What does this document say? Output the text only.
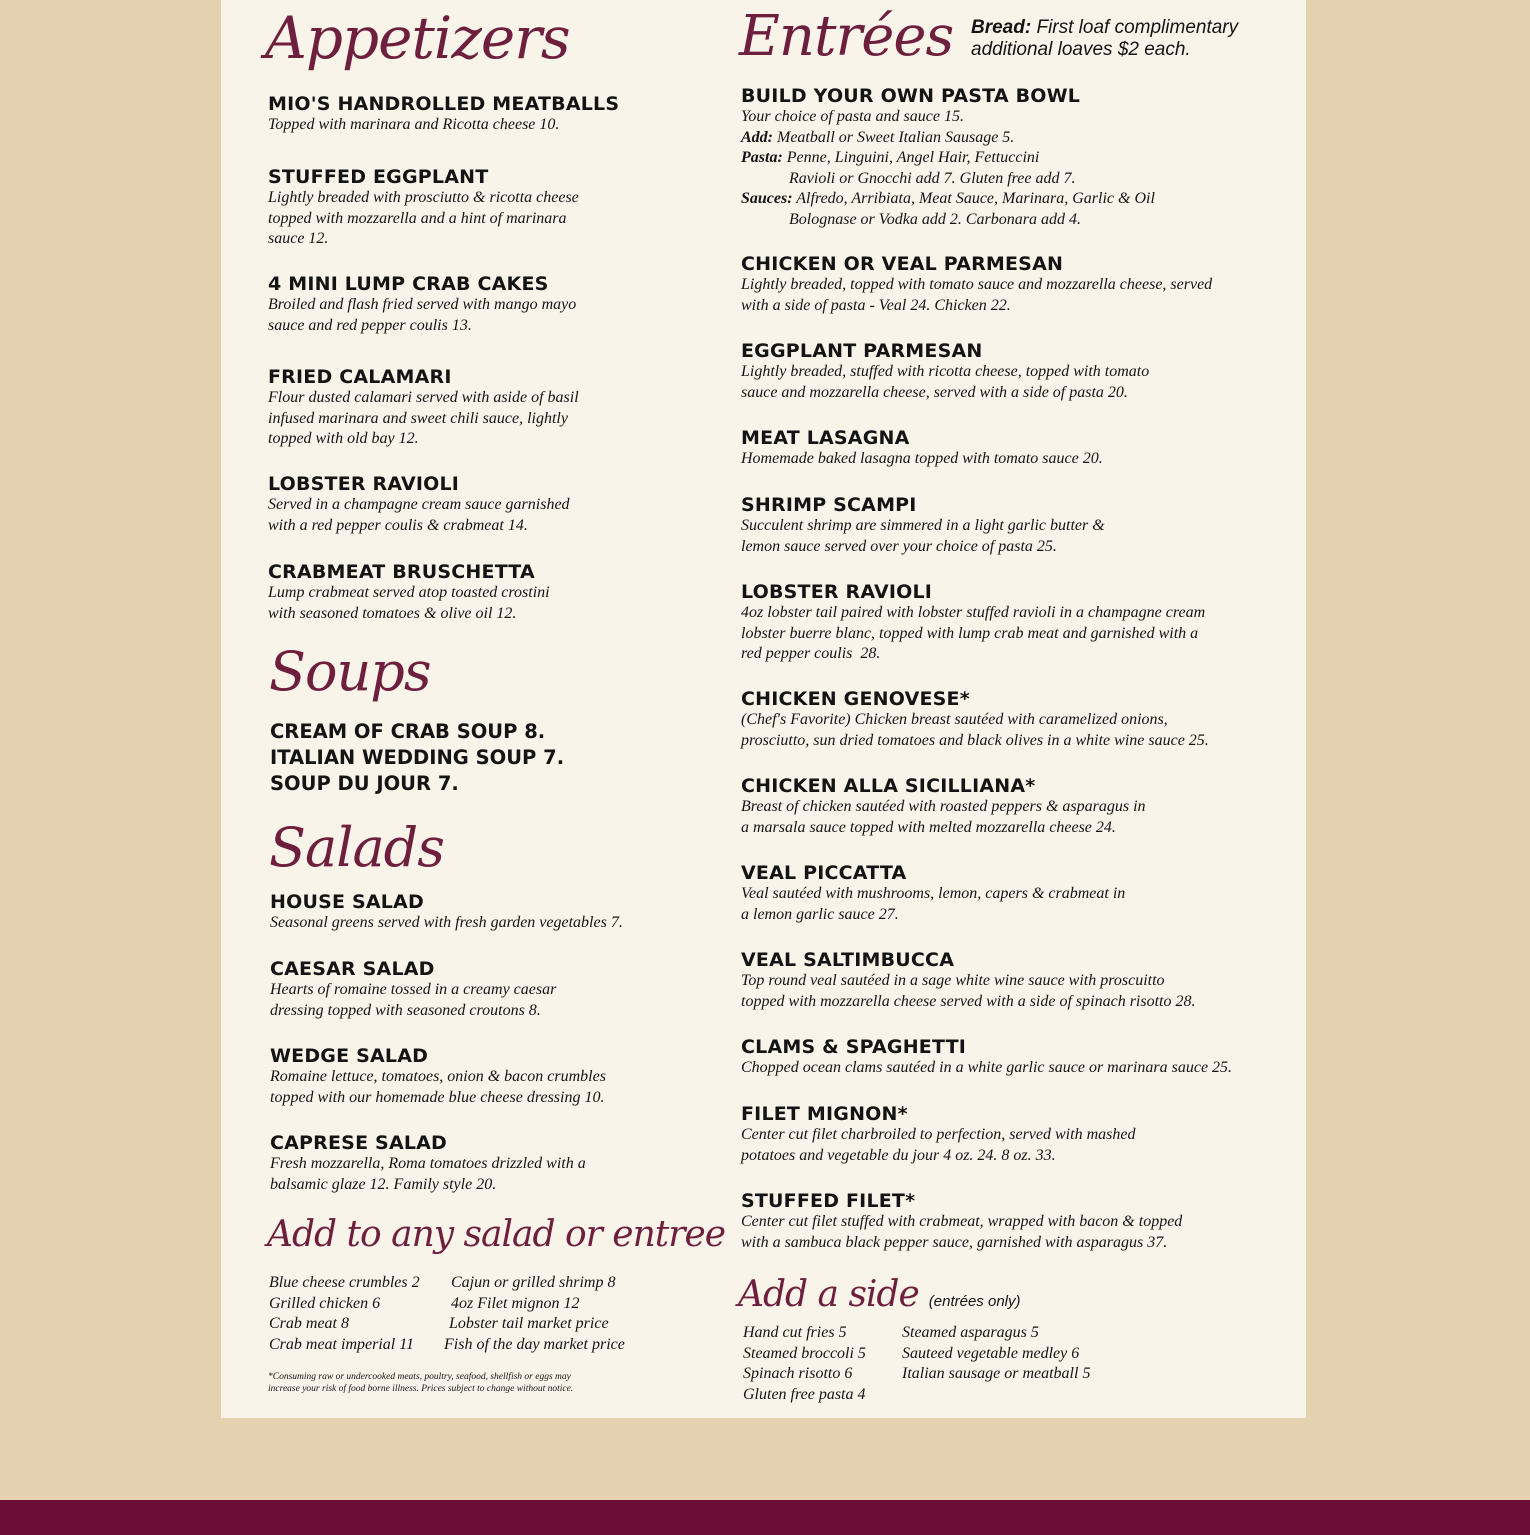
Appetizers
MIO'S HANDROLLED MEATBALLS
Topped with marinara and Ricotta cheese 10.
STUFFED EGGPLANT
Lightly breaded with prosciutto & ricotta cheese
topped with mozzarella and a hint of marinara
sauce 12.
4 MINI LUMP CRAB CAKES
Broiled and flash fried served with mango mayo
sauce and red pepper coulis 13.
FRIED CALAMARI
Flour dusted calamari served with aside of basil
infused marinara and sweet chili sauce, lightly
topped with old bay 12.
LOBSTER RAVIOLI
Served in a champagne cream sauce garnished
with a red pepper coulis & crabmeat 14.
CRABMEAT BRUSCHETTA
Lump crabmeat served atop toasted crostini
with seasoned tomatoes & olive oil 12.
Soups
CREAM OF CRAB SOUP 8.
ITALIAN WEDDING SOUP 7.
SOUP DU JOUR 7.
Salads
HOUSE SALAD
Seasonal greens served with fresh garden vegetables 7.
CAESAR SALAD
Hearts of romaine tossed in a creamy caesar
dressing topped with seasoned croutons 8.
WEDGE SALAD
Romaine lettuce, tomatoes, onion & bacon crumbles
topped with our homemade blue cheese dressing 10.
CAPRESE SALAD
Fresh mozzarella, Roma tomatoes drizzled with a
balsamic glaze 12. Family style 20.
Add to any salad or entree
Blue cheese crumbles 2
Grilled chicken 6
Crab meat 8
Crab meat imperial 11
Cajun or grilled shrimp 8
4oz Filet mignon 12
Lobster tail market price
Fish of the day market price
*Consuming raw or undercooked meats, poultry, seafood, shellfish or eggs may
increase your risk of food borne illness. Prices subject to change without notice.
Entrées Bread: First loaf complimentary
additional loaves $2 each.
BUILD YOUR OWN PASTA BOWL
Your choice of pasta and sauce 15.
Add: Meatball or Sweet Italian Sausage 5.
Pasta: Penne, Linguini, Angel Hair, Fettuccini
Ravioli or Gnocchi add 7. Gluten free add 7.
Sauces: Alfredo, Arribiata, Meat Sauce, Marinara, Garlic & Oil
Bolognase or Vodka add 2. Carbonara add 4.
CHICKEN OR VEAL PARMESAN
Lightly breaded, topped with tomato sauce and mozzarella cheese, served
with a side of pasta - Veal 24. Chicken 22.
EGGPLANT PARMESAN
Lightly breaded, stuffed with ricotta cheese, topped with tomato
sauce and mozzarella cheese, served with a side of pasta 20.
MEAT LASAGNA
Homemade baked lasagna topped with tomato sauce 20.
SHRIMP SCAMPI
Succulent shrimp are simmered in a light garlic butter &
lemon sauce served over your choice of pasta 25.
LOBSTER RAVIOLI
4oz lobster tail paired with lobster stuffed ravioli in a champagne cream
lobster buerre blanc, topped with lump crab meat and garnished with a
red pepper coulis  28.
CHICKEN GENOVESE*
(Chef's Favorite) Chicken breast sautéed with caramelized onions,
prosciutto, sun dried tomatoes and black olives in a white wine sauce 25.
CHICKEN ALLA SICILLIANA*
Breast of chicken sautéed with roasted peppers & asparagus in
a marsala sauce topped with melted mozzarella cheese 24.
VEAL PICCATTA
Veal sautéed with mushrooms, lemon, capers & crabmeat in
a lemon garlic sauce 27.
VEAL SALTIMBUCCA
Top round veal sautéed in a sage white wine sauce with proscuitto
topped with mozzarella cheese served with a side of spinach risotto 28.
CLAMS & SPAGHETTI
Chopped ocean clams sautéed in a white garlic sauce or marinara sauce 25.
FILET MIGNON*
Center cut filet charbroiled to perfection, served with mashed
potatoes and vegetable du jour 4 oz. 24. 8 oz. 33.
STUFFED FILET*
Center cut filet stuffed with crabmeat, wrapped with bacon & topped
with a sambuca black pepper sauce, garnished with asparagus 37.
Add a side (entrées only)
Hand cut fries 5
Steamed broccoli 5
Spinach risotto 6
Gluten free pasta 4
Steamed asparagus 5
Sauteed vegetable medley 6
Italian sausage or meatball 5
